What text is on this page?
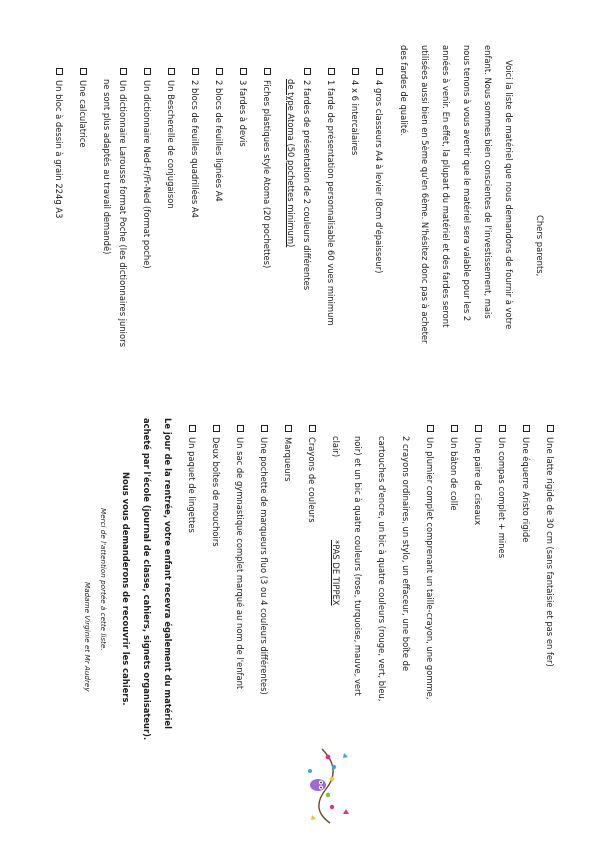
Chers parents,
Voici la liste de matériel que nous demandons de fournir à votre
enfant. Nous sommes bien conscientes de l'investissement, mais
nous tenons à vous avertir que le matériel sera valable pour les 2
années à venir. En effet, la plupart du matériel et des fardes seront
utilisées aussi bien en 5ème qu'en 6ème. N'hésitez donc pas à acheter
des fardes de qualité.
4 gros classeurs A4 à levier (8cm d'épaisseur)
4 x 6 intercalaires
1 farde de présentation personnalisable 60 vues minimum
2 fardes de présentation de 2 couleurs différentes
de type Atoma (50 pochettes minimum)
Fiches plastiques style Atoma (20 pochettes)
3 fardes à devis
2 blocs de feuilles lignées A4
2 blocs de feuilles quadrillées A4
Un Bescherelle de conjugaison
Un dictionnaire Ned-Fr/Fr-Ned (format poche)
Un dictionnaire Larousse format Poche (les dictionnaires juniors
ne sont plus adaptés au travail demandé)
Une calculatrice
Un bloc à dessin à grain 224g A3
Une latte rigide de 30 cm (sans fantaisie et pas en fer)
Une équerre Aristo rigide
Un compas complet + mines
Une paire de ciseaux
Un bâton de colle
Un plumier complet comprenant un taille-crayon, une gomme,
2 crayons ordinaires, un stylo, un effaceur, une boîte de
cartouches d'encre, un bic à quatre couleurs (rouge, vert, bleu,
noir) et un bic à quatre couleurs (rose, turquoise, mauve, vert
clair)
*PAS DE TIPPEX
Crayons de couleurs
Marqueurs
Une pochette de marqueurs fluo (3 ou 4 couleurs différentes)
Un sac de gymnastique complet marqué au nom de l'enfant
Deux boîtes de mouchoirs
Un paquet de lingettes
Le jour de la rentrée, votre enfant recevra également du matériel
acheté par l'école (journal de classe, cahiers, signets organisateur).
Nous vous demanderons de recouvrir les cahiers.
Merci de l'attention portée à cette liste.
Madame Virginie et Mr Audrey
